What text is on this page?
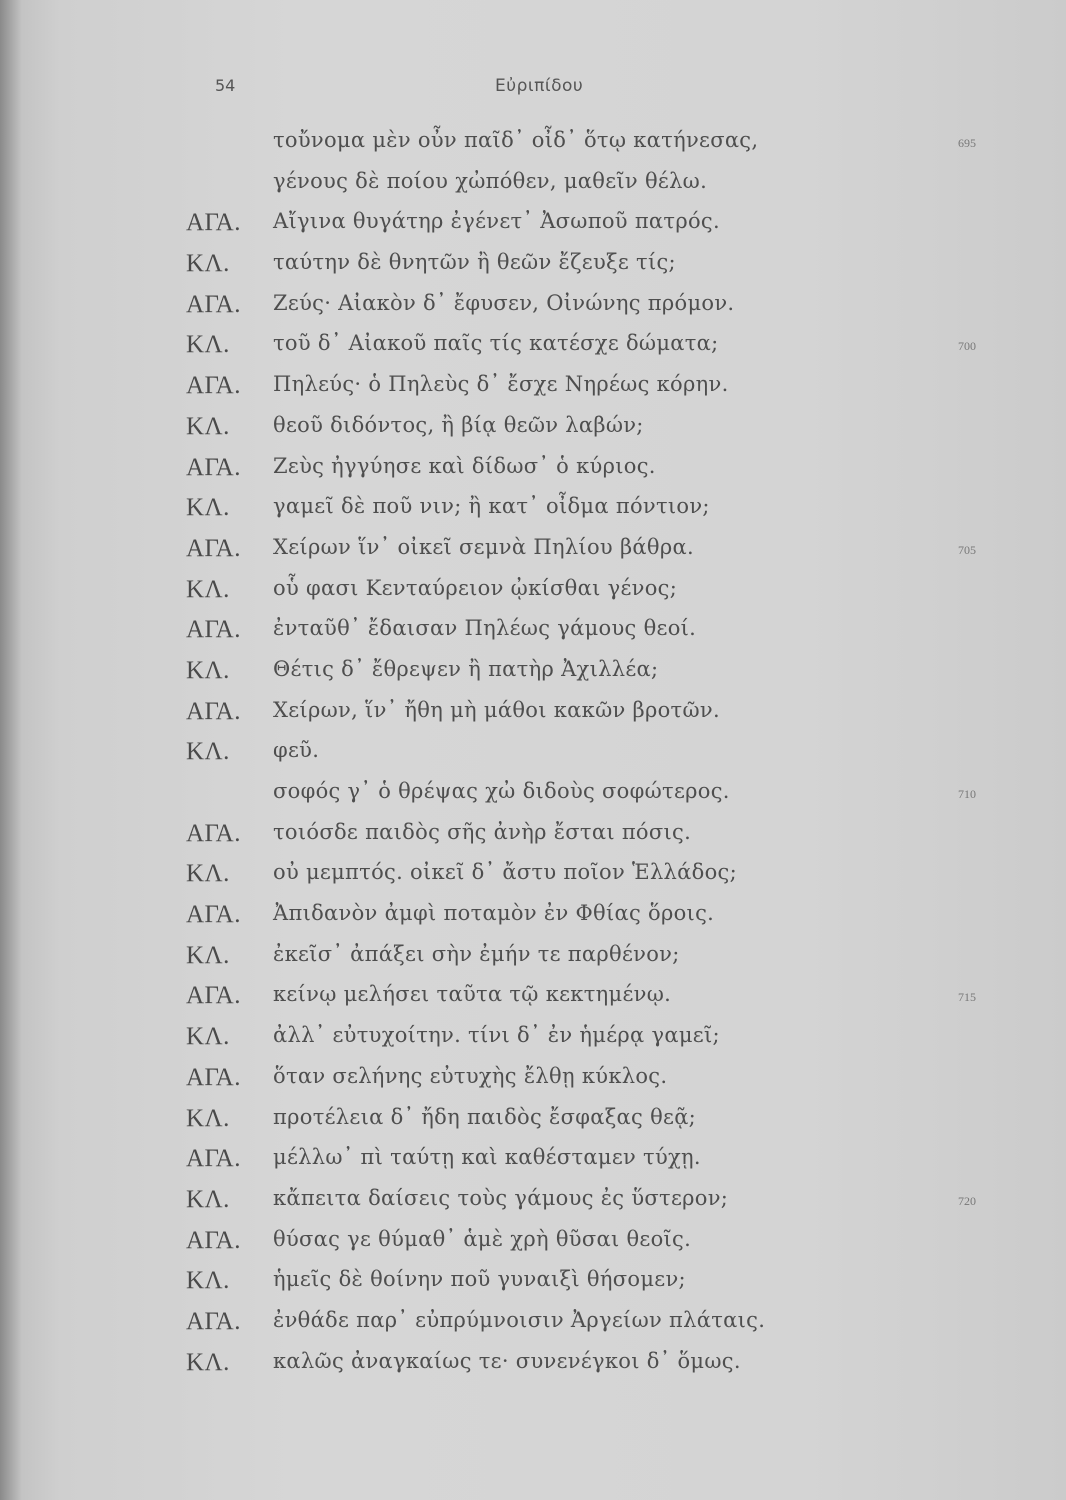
54	Εὐριπίδου
τοὔνομα μὲν οὖν παῖδ᾽ οἶδ᾽ ὅτῳ κατήνεσας,	695
γένους δὲ ποίου χὠπόθεν, μαθεῖν θέλω.
ΑΓΑ. Αἴγινα θυγάτηρ ἐγένετ᾽ Ἀσωποῦ πατρός.
ΚΛ. ταύτην δὲ θνητῶν ἢ θεῶν ἔζευξε τίς;
ΑΓΑ. Ζεύς· Αἰακὸν δ᾽ ἔφυσεν, Οἰνώνης πρόμον.
ΚΛ. τοῦ δ᾽ Αἰακοῦ παῖς τίς κατέσχε δώματα;	700
ΑΓΑ. Πηλεύς· ὁ Πηλεὺς δ᾽ ἔσχε Νηρέως κόρην.
ΚΛ. θεοῦ διδόντος, ἢ βίᾳ θεῶν λαβών;
ΑΓΑ. Ζεὺς ἠγγύησε καὶ δίδωσ᾽ ὁ κύριος.
ΚΛ. γαμεῖ δὲ ποῦ νιν; ἢ κατ᾽ οἶδμα πόντιον;
ΑΓΑ. Χείρων ἵν᾽ οἰκεῖ σεμνὰ Πηλίου βάθρα.	705
ΚΛ. οὗ φασι Κενταύρειον ᾠκίσθαι γένος;
ΑΓΑ. ἐνταῦθ᾽ ἔδαισαν Πηλέως γάμους θεοί.
ΚΛ. Θέτις δ᾽ ἔθρεψεν ἢ πατὴρ Ἀχιλλέα;
ΑΓΑ. Χείρων, ἵν᾽ ἤθη μὴ μάθοι κακῶν βροτῶν.
ΚΛ. φεῦ.
σοφός γ᾽ ὁ θρέψας χὠ διδοὺς σοφώτερος.	710
ΑΓΑ. τοιόσδε παιδὸς σῆς ἀνὴρ ἔσται πόσις.
ΚΛ. οὐ μεμπτός. οἰκεῖ δ᾽ ἄστυ ποῖον Ἑλλάδος;
ΑΓΑ. Ἀπιδανὸν ἀμφὶ ποταμὸν ἐν Φθίας ὅροις.
ΚΛ. ἐκεῖσ᾽ ἀπάξει σὴν ἐμήν τε παρθένον;
ΑΓΑ. κείνῳ μελήσει ταῦτα τῷ κεκτημένῳ.	715
ΚΛ. ἀλλ᾽ εὐτυχοίτην. τίνι δ᾽ ἐν ἡμέρᾳ γαμεῖ;
ΑΓΑ. ὅταν σελήνης εὐτυχὴς ἔλθῃ κύκλος.
ΚΛ. προτέλεια δ᾽ ἤδη παιδὸς ἔσφαξας θεᾷ;
ΑΓΑ. μέλλω᾽ πὶ ταύτῃ καὶ καθέσταμεν τύχῃ.
ΚΛ. κἄπειτα δαίσεις τοὺς γάμους ἐς ὕστερον;	720
ΑΓΑ. θύσας γε θύμαθ᾽ ἁμὲ χρὴ θῦσαι θεοῖς.
ΚΛ. ἡμεῖς δὲ θοίνην ποῦ γυναιξὶ θήσομεν;
ΑΓΑ. ἐνθάδε παρ᾽ εὐπρύμνοισιν Ἀργείων πλάταις.
ΚΛ. καλῶς ἀναγκαίως τε· συνενέγκοι δ᾽ ὅμως.
